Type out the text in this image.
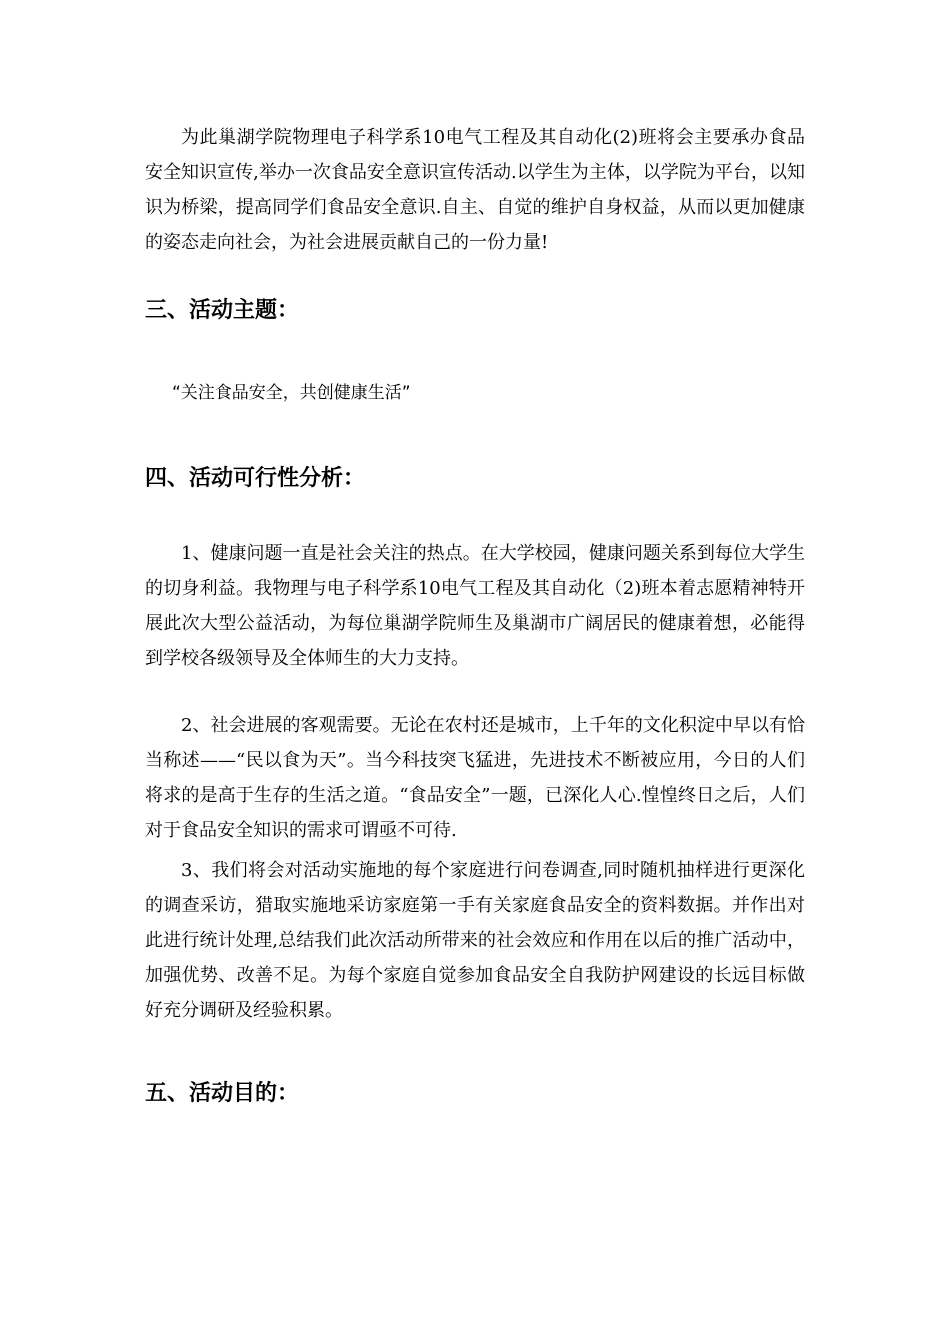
为此巢湖学院物理电子科学系10电气工程及其自动化(2)班将会主要承办食品安全知识宣传,举办一次食品安全意识宣传活动.以学生为主体，以学院为平台，以知识为桥梁，提高同学们食品安全意识.自主、自觉的维护自身权益，从而以更加健康的姿态走向社会，为社会进展贡献自己的一份力量!

三、活动主题：

“关注食品安全，共创健康生活”

四、活动可行性分析：

1、健康问题一直是社会关注的热点。在大学校园，健康问题关系到每位大学生的切身利益。我物理与电子科学系10电气工程及其自动化（2)班本着志愿精神特开展此次大型公益活动，为每位巢湖学院师生及巢湖市广阔居民的健康着想，必能得到学校各级领导及全体师生的大力支持。

2、社会进展的客观需要。无论在农村还是城市，上千年的文化积淀中早以有恰当称述——“民以食为天”。当今科技突飞猛进，先进技术不断被应用，今日的人们将求的是高于生存的生活之道。“食品安全”一题，已深化人心.惶惶终日之后，人们对于食品安全知识的需求可谓亟不可待.

3、我们将会对活动实施地的每个家庭进行问卷调查,同时随机抽样进行更深化的调查采访，猎取实施地采访家庭第一手有关家庭食品安全的资料数据。并作出对此进行统计处理,总结我们此次活动所带来的社会效应和作用在以后的推广活动中，加强优势、改善不足。为每个家庭自觉参加食品安全自我防护网建设的长远目标做好充分调研及经验积累。

五、活动目的：
